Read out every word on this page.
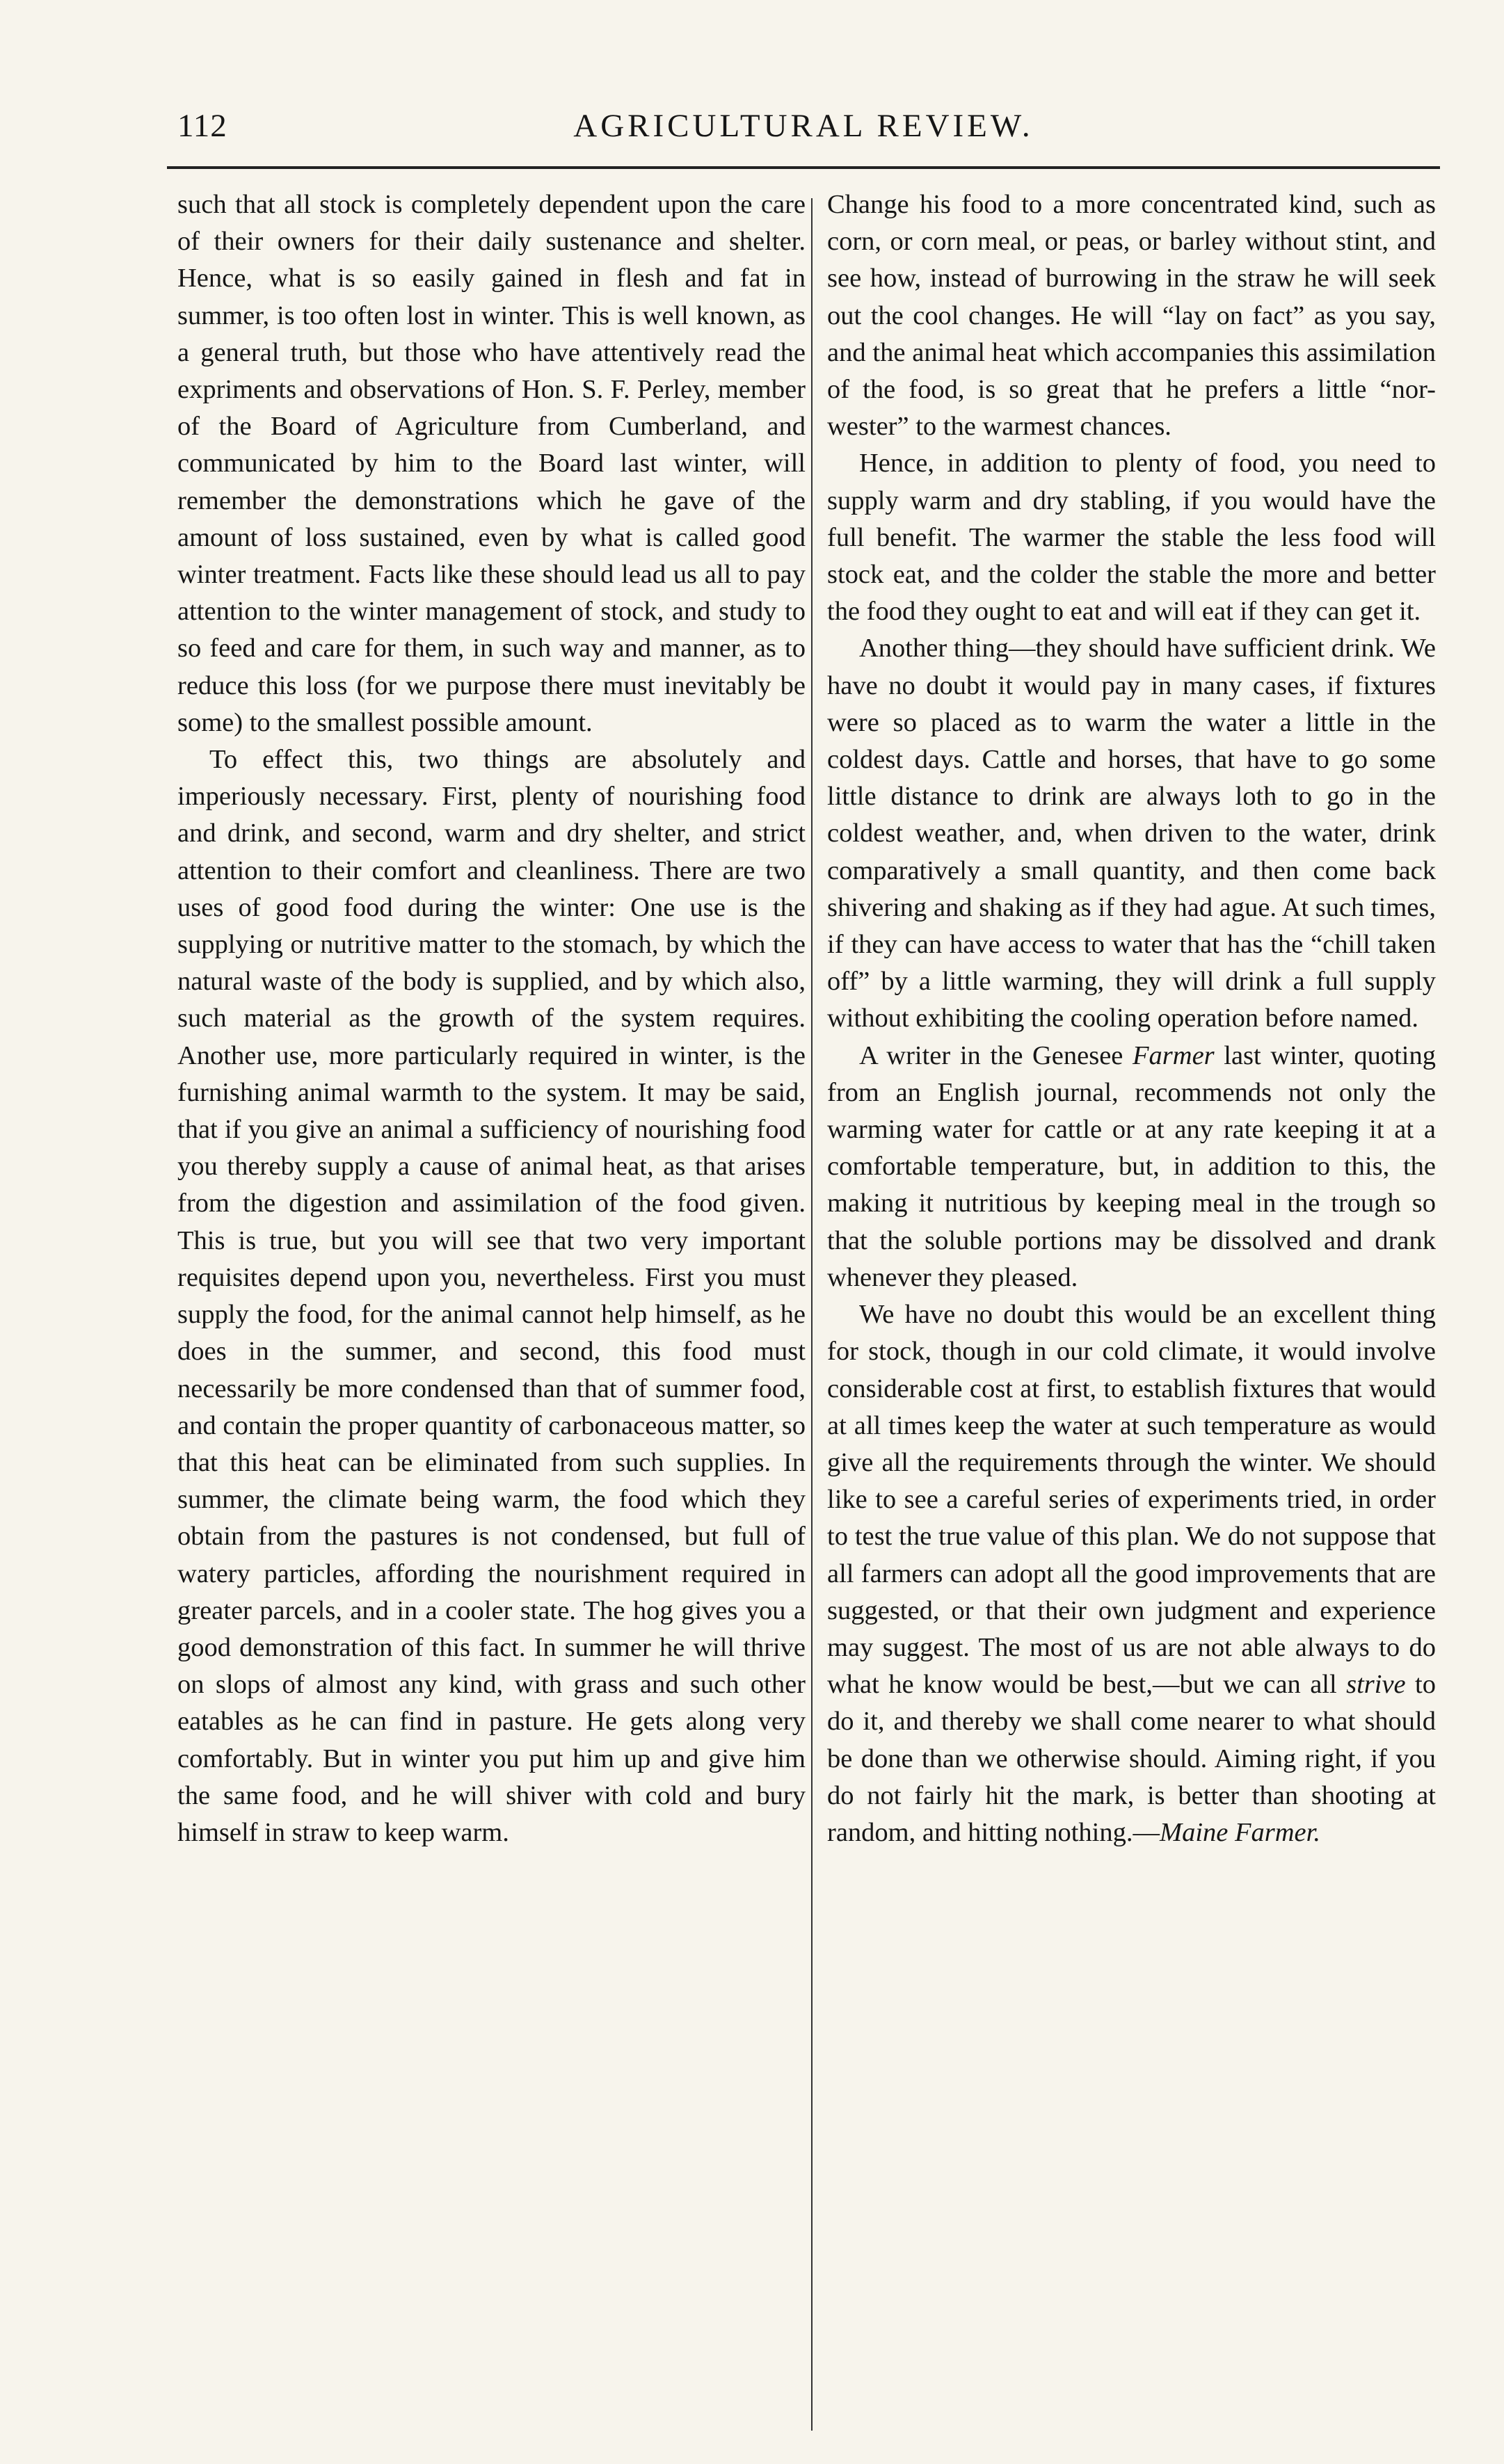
112	AGRICULTURAL REVIEW.

such that all stock is completely dependent upon the care of their owners for their daily sustenance and shelter. Hence, what is so easily gained in flesh and fat in summer, is too often lost in winter. This is well known, as a general truth, but those who have attentively read the expriments and observations of Hon. S. F. Perley, member of the Board of Agriculture from Cumberland, and communicated by him to the Board last winter, will remember the demonstrations which he gave of the amount of loss sustained, even by what is called good winter treatment. Facts like these should lead us all to pay attention to the winter management of stock, and study to so feed and care for them, in such way and manner, as to reduce this loss (for we purpose there must inevitably be some) to the smallest possible amount.

To effect this, two things are absolutely and imperiously necessary. First, plenty of nourishing food and drink, and second, warm and dry shelter, and strict attention to their comfort and cleanliness. There are two uses of good food during the winter: One use is the supplying or nutritive matter to the stomach, by which the natural waste of the body is supplied, and by which also, such material as the growth of the system requires. Another use, more particularly required in winter, is the furnishing animal warmth to the system. It may be said, that if you give an animal a sufficiency of nourishing food you thereby supply a cause of animal heat, as that arises from the digestion and assimilation of the food given. This is true, but you will see that two very important requisites depend upon you, nevertheless. First you must supply the food, for the animal cannot help himself, as he does in the summer, and second, this food must necessarily be more condensed than that of summer food, and contain the proper quantity of carbonaceous matter, so that this heat can be eliminated from such supplies. In summer, the climate being warm, the food which they obtain from the pastures is not condensed, but full of watery particles, affording the nourishment required in greater parcels, and in a cooler state. The hog gives you a good demonstration of this fact. In summer he will thrive on slops of almost any kind, with grass and such other eatables as he can find in pasture. He gets along very comfortably. But in winter you put him up and give him the same food, and he will shiver with cold and bury himself in straw to keep warm.

Change his food to a more concentrated kind, such as corn, or corn meal, or peas, or barley without stint, and see how, instead of burrowing in the straw he will seek out the cool changes. He will “lay on fact” as you say, and the animal heat which accompanies this assimilation of the food, is so great that he prefers a little “nor-wester” to the warmest chances.

Hence, in addition to plenty of food, you need to supply warm and dry stabling, if you would have the full benefit. The warmer the stable the less food will stock eat, and the colder the stable the more and better the food they ought to eat and will eat if they can get it.

Another thing—they should have sufficient drink. We have no doubt it would pay in many cases, if fixtures were so placed as to warm the water a little in the coldest days. Cattle and horses, that have to go some little distance to drink are always loth to go in the coldest weather, and, when driven to the water, drink comparatively a small quantity, and then come back shivering and shaking as if they had ague. At such times, if they can have access to water that has the “chill taken off” by a little warming, they will drink a full supply without exhibiting the cooling operation before named.

A writer in the Genesee Farmer last winter, quoting from an English journal, recommends not only the warming water for cattle or at any rate keeping it at a comfortable temperature, but, in addition to this, the making it nutritious by keeping meal in the trough so that the soluble portions may be dissolved and drank whenever they pleased.

We have no doubt this would be an excellent thing for stock, though in our cold climate, it would involve considerable cost at first, to establish fixtures that would at all times keep the water at such temperature as would give all the requirements through the winter. We should like to see a careful series of experiments tried, in order to test the true value of this plan. We do not suppose that all farmers can adopt all the good improvements that are suggested, or that their own judgment and experience may suggest. The most of us are not able always to do what he know would be best,—but we can all strive to do it, and thereby we shall come nearer to what should be done than we otherwise should. Aiming right, if you do not fairly hit the mark, is better than shooting at random, and hitting nothing.—Maine Farmer.
